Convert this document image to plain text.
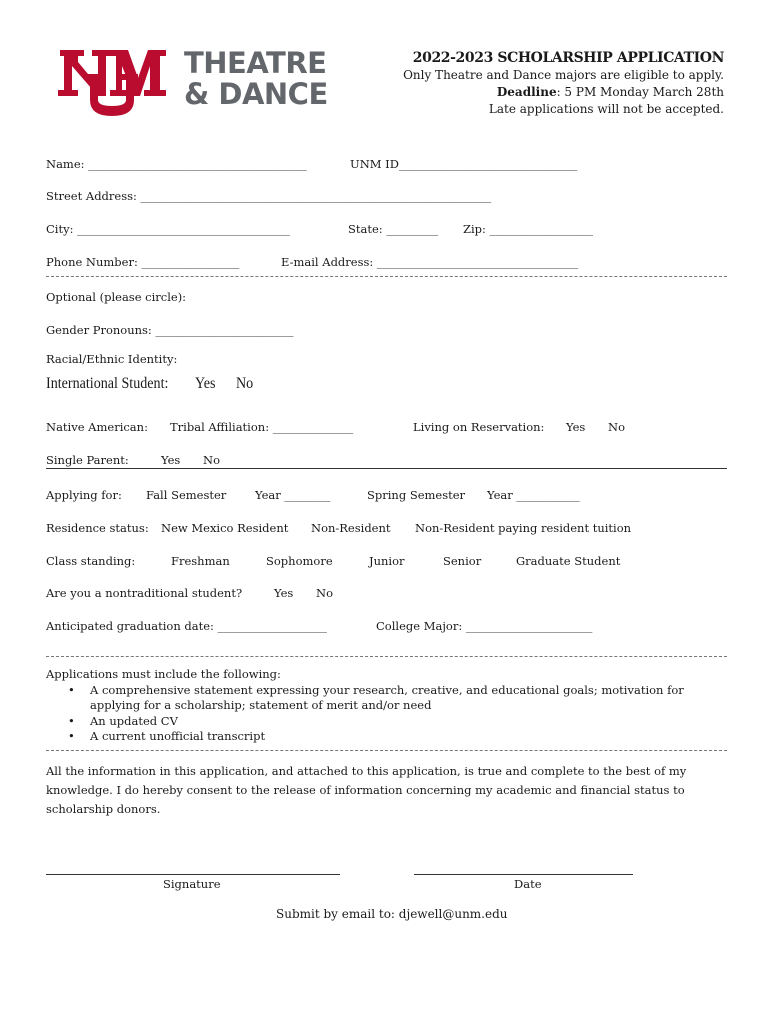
THEATRE
& DANCE
2022-2023 SCHOLARSHIP APPLICATION
Only Theatre and Dance majors are eligible to apply.
Deadline: 5 PM Monday March 28th
Late applications will not be accepted.
Name: ______________________________________	UNM ID_______________________________
Street Address: _____________________________________________________________
City: _____________________________________	State: _________ Zip: __________________
Phone Number: _________________	E-mail Address: ___________________________________
Optional (please circle):
Gender Pronouns: ________________________
Racial/Ethnic Identity:
International Student: Yes No
Native American: Tribal Affiliation: ______________	Living on Reservation: Yes No
Single Parent:	Yes No
Applying for: Fall Semester Year ________	Spring Semester Year ___________
Residence status: New Mexico Resident Non-Resident Non-Resident paying resident tuition
Class standing:	Freshman	Sophomore	Junior	Senior	Graduate Student
Are you a nontraditional student?	Yes No
Anticipated graduation date: ___________________	College Major: ______________________
Applications must include the following:
• A comprehensive statement expressing your research, creative, and educational goals; motivation for
applying for a scholarship; statement of merit and/or need
• An updated CV
• A current unofficial transcript
All the information in this application, and attached to this application, is true and complete to the best of my
knowledge. I do hereby consent to the release of information concerning my academic and financial status to
scholarship donors.
Signature	Date
Submit by email to: djewell@unm.edu
